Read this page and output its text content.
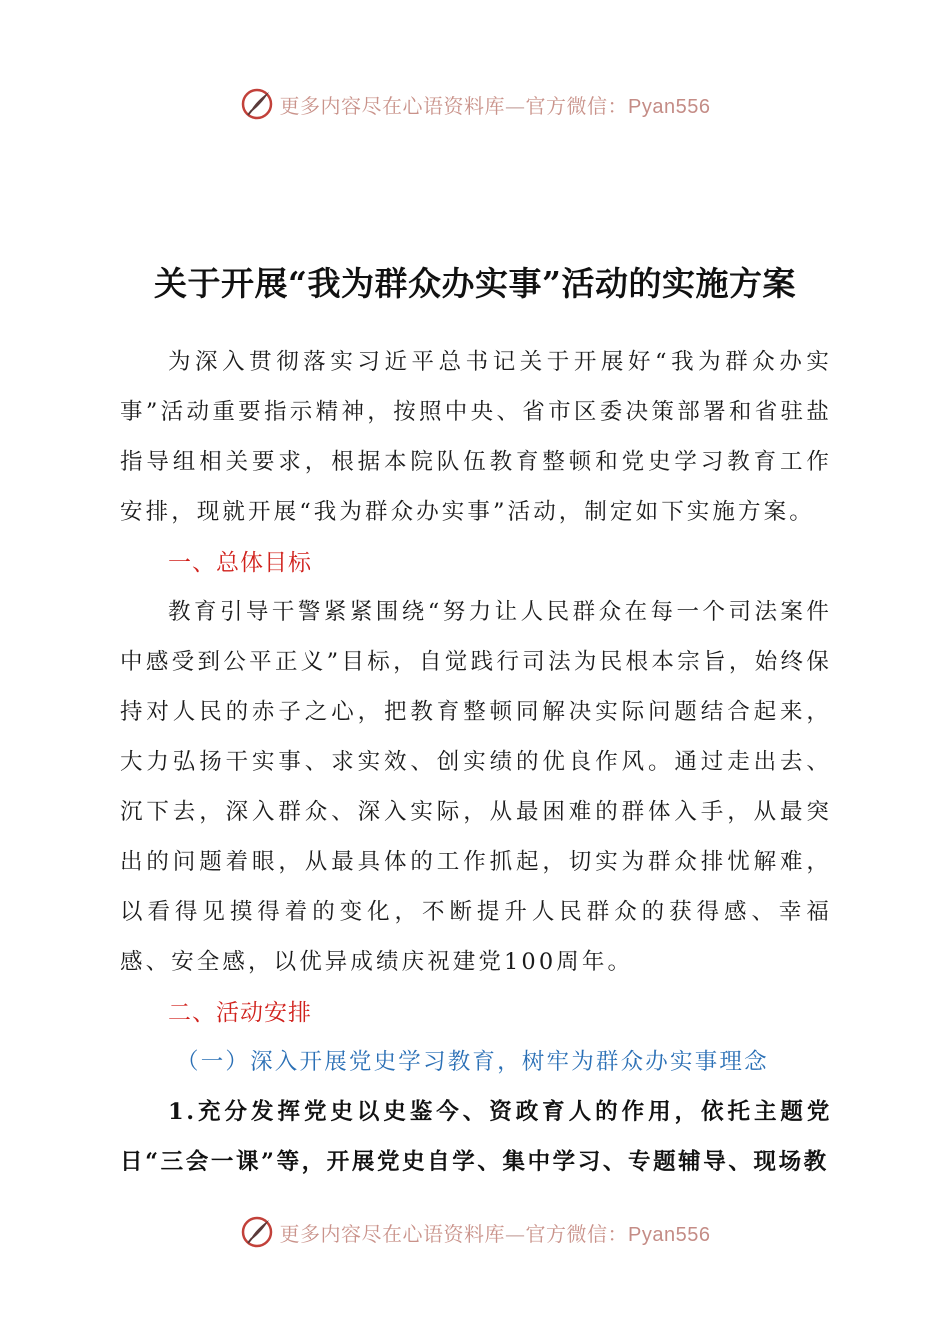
更多内容尽在心语资料库—官方微信：Pyan556
关于开展“我为群众办实事”活动的实施方案

为深入贯彻落实习近平总书记关于开展好“我为群众办实事”活动重要指示精神，按照中央、省市区委决策部署和省驻盐指导组相关要求，根据本院队伍教育整顿和党史学习教育工作安排，现就开展“我为群众办实事”活动，制定如下实施方案。

一、总体目标

教育引导干警紧紧围绕“努力让人民群众在每一个司法案件中感受到公平正义”目标，自觉践行司法为民根本宗旨，始终保持对人民的赤子之心，把教育整顿同解决实际问题结合起来，大力弘扬干实事、求实效、创实绩的优良作风。通过走出去、沉下去，深入群众、深入实际，从最困难的群体入手，从最突出的问题着眼，从最具体的工作抓起，切实为群众排忧解难，以看得见摸得着的变化，不断提升人民群众的获得感、幸福感、安全感，以优异成绩庆祝建党100周年。

二、活动安排

（一）深入开展党史学习教育，树牢为群众办实事理念

1.充分发挥党史以史鉴今、资政育人的作用，依托主题党日“三会一课”等，开展党史自学、集中学习、专题辅导、现场教

更多内容尽在心语资料库—官方微信：Pyan556
